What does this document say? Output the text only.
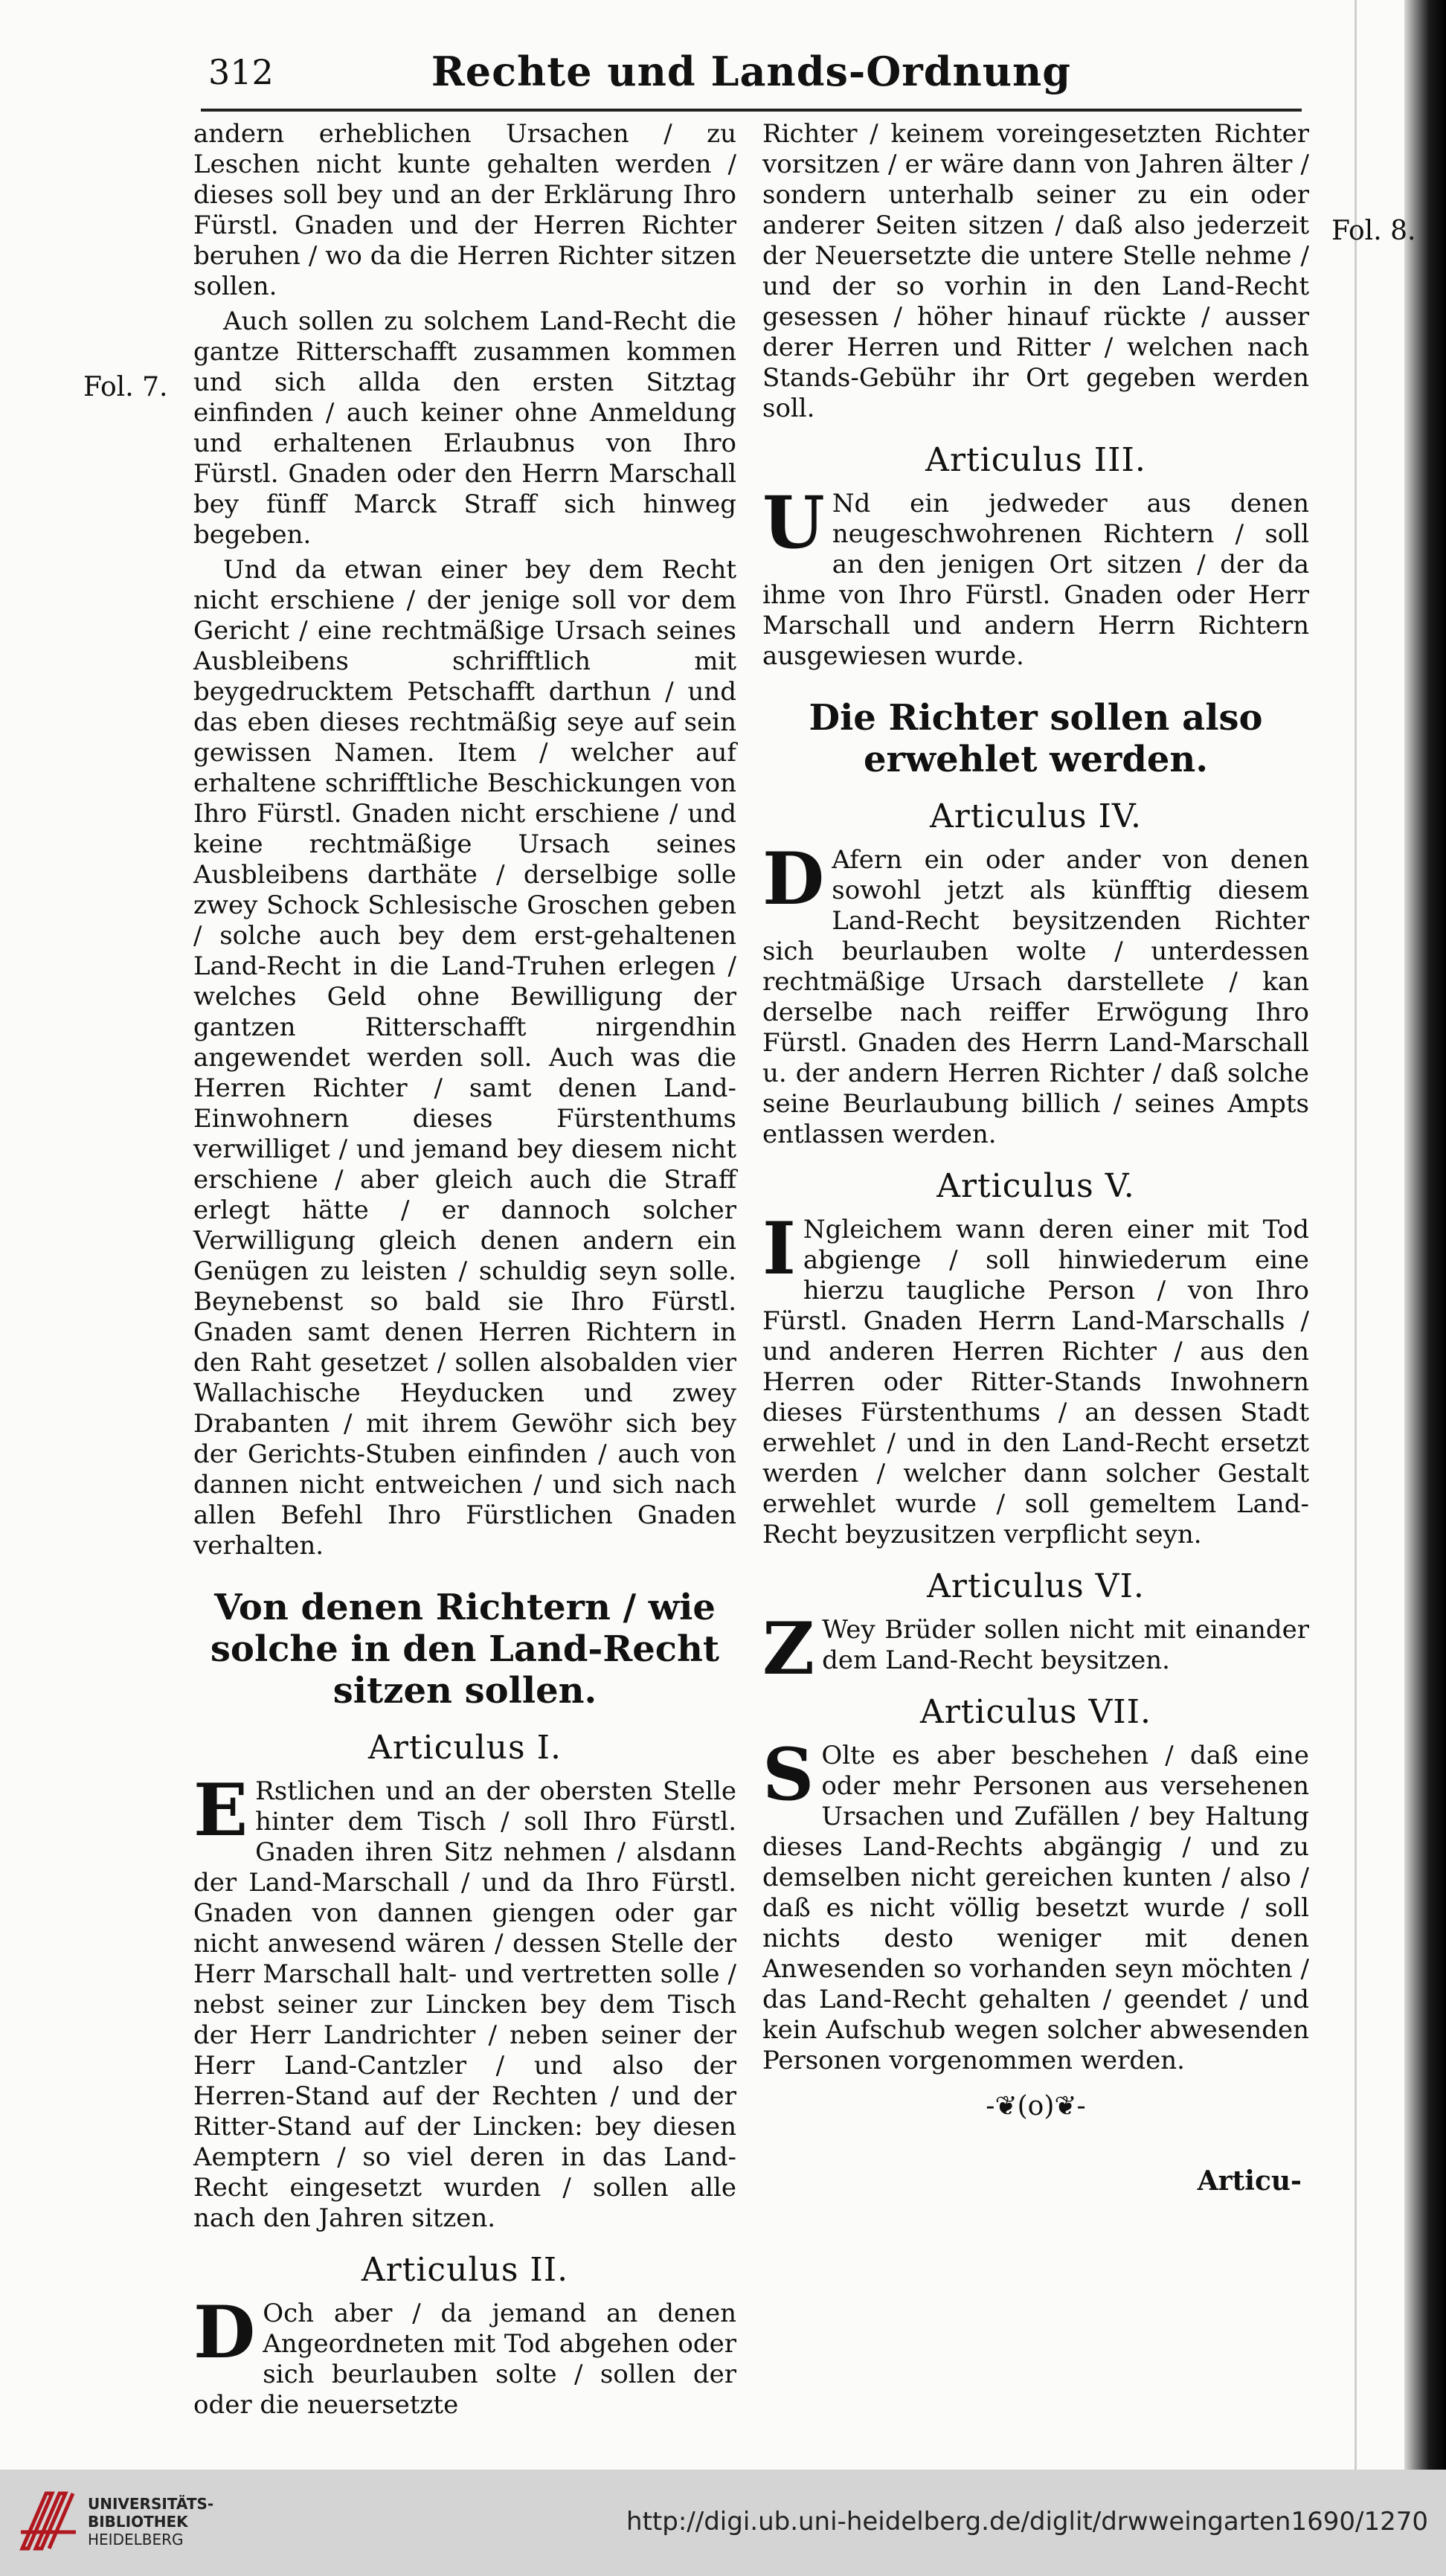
312	Rechte und Lands-Ordnung
Fol. 7.
Fol. 8.

andern erheblichen Ursachen / zu Leschen nicht kunte gehalten werden / dieses soll bey und an der Erklärung Ihro Fürstl. Gnaden und der Herren Richter beruhen / wo da die Herren Richter sitzen sollen.

Auch sollen zu solchem Land-Recht die gantze Ritterschafft zusammen kommen und sich allda den ersten Sitztag einfinden / auch keiner ohne Anmeldung und erhaltenen Erlaubnus von Ihro Fürstl. Gnaden oder den Herrn Marschall bey fünff Marck Straff sich hinweg begeben.

Und da etwan einer bey dem Recht nicht erschiene / der jenige soll vor dem Gericht / eine rechtmäßige Ursach seines Ausbleibens schrifftlich mit beygedrucktem Petschafft darthun / und das eben dieses rechtmäßig seye auf sein gewissen Namen. Item / welcher auf erhaltene schrifftliche Beschickungen von Ihro Fürstl. Gnaden nicht erschiene / und keine rechtmäßige Ursach seines Ausbleibens darthäte / derselbige solle zwey Schock Schlesische Groschen geben / solche auch bey dem erst-gehaltenen Land-Recht in die Land-Truhen erlegen / welches Geld ohne Bewilligung der gantzen Ritterschafft nirgendhin angewendet werden soll. Auch was die Herren Richter / samt denen Land-Einwohnern dieses Fürstenthums verwilliget / und jemand bey diesem nicht erschiene / aber gleich auch die Straff erlegt hätte / er dannoch solcher Verwilligung gleich denen andern ein Genügen zu leisten / schuldig seyn solle. Beynebenst so bald sie Ihro Fürstl. Gnaden samt denen Herren Richtern in den Raht gesetzet / sollen alsobalden vier Wallachische Heyducken und zwey Drabanten / mit ihrem Gewöhr sich bey der Gerichts-Stuben einfinden / auch von dannen nicht entweichen / und sich nach allen Befehl Ihro Fürstlichen Gnaden verhalten.

Von denen Richtern / wie solche in den Land-Recht sitzen sollen.
Articulus I.

E Rstlichen und an der obersten Stelle hinter dem Tisch / soll Ihro Fürstl. Gnaden ihren Sitz nehmen / alsdann der Land-Marschall / und da Ihro Fürstl. Gnaden von dannen giengen oder gar nicht anwesend wären / dessen Stelle der Herr Marschall halt- und vertretten solle / nebst seiner zur Lincken bey dem Tisch der Herr Landrichter / neben seiner der Herr Land-Cantzler / und also der Herren-Stand auf der Rechten / und der Ritter-Stand auf der Lincken: bey diesen Aemptern / so viel deren in das Land-Recht eingesetzt wurden / sollen alle nach den Jahren sitzen.

Articulus II.

D Och aber / da jemand an denen Angeordneten mit Tod abgehen oder sich beurlauben solte / sollen der oder die neuersetzte

Richter / keinem voreingesetzten Richter vorsitzen / er wäre dann von Jahren älter / sondern unterhalb seiner zu ein oder anderer Seiten sitzen / daß also jederzeit der Neuersetzte die untere Stelle nehme / und der so vorhin in den Land-Recht gesessen / höher hinauf rückte / ausser derer Herren und Ritter / welchen nach Stands-Gebühr ihr Ort gegeben werden soll.

Articulus III.

U Nd ein jedweder aus denen neugeschwohrenen Richtern / soll an den jenigen Ort sitzen / der da ihme von Ihro Fürstl. Gnaden oder Herr Marschall und andern Herrn Richtern ausgewiesen wurde.

Die Richter sollen also erwehlet werden.
Articulus IV.

D Afern ein oder ander von denen sowohl jetzt als künfftig diesem Land-Recht beysitzenden Richter sich beurlauben wolte / unterdessen rechtmäßige Ursach darstellete / kan derselbe nach reiffer Erwögung Ihro Fürstl. Gnaden des Herrn Land-Marschall u. der andern Herren Richter / daß solche seine Beurlaubung billich / seines Ampts entlassen werden.

Articulus V.

I Ngleichem wann deren einer mit Tod abgienge / soll hinwiederum eine hierzu taugliche Person / von Ihro Fürstl. Gnaden Herrn Land-Marschalls / und anderen Herren Richter / aus den Herren oder Ritter-Stands Inwohnern dieses Fürstenthums / an dessen Stadt erwehlet / und in den Land-Recht ersetzt werden / welcher dann solcher Gestalt erwehlet wurde / soll gemeltem Land-Recht beyzusitzen verpflicht seyn.

Articulus VI.

Z Wey Brüder sollen nicht mit einander dem Land-Recht beysitzen.

Articulus VII.

S Olte es aber beschehen / daß eine oder mehr Personen aus versehenen Ursachen und Zufällen / bey Haltung dieses Land-Rechts abgängig / und zu demselben nicht gereichen kunten / also / daß es nicht völlig besetzt wurde / soll nichts desto weniger mit denen Anwesenden so vorhanden seyn möchten / das Land-Recht gehalten / geendet / und kein Aufschub wegen solcher abwesenden Personen vorgenommen werden.

-❦(o)❦-
Articu-
UNIVERSITÄTS-
BIBLIOTHEK
HEIDELBERG
http://digi.ub.uni-heidelberg.de/diglit/drwweingarten1690/1270
